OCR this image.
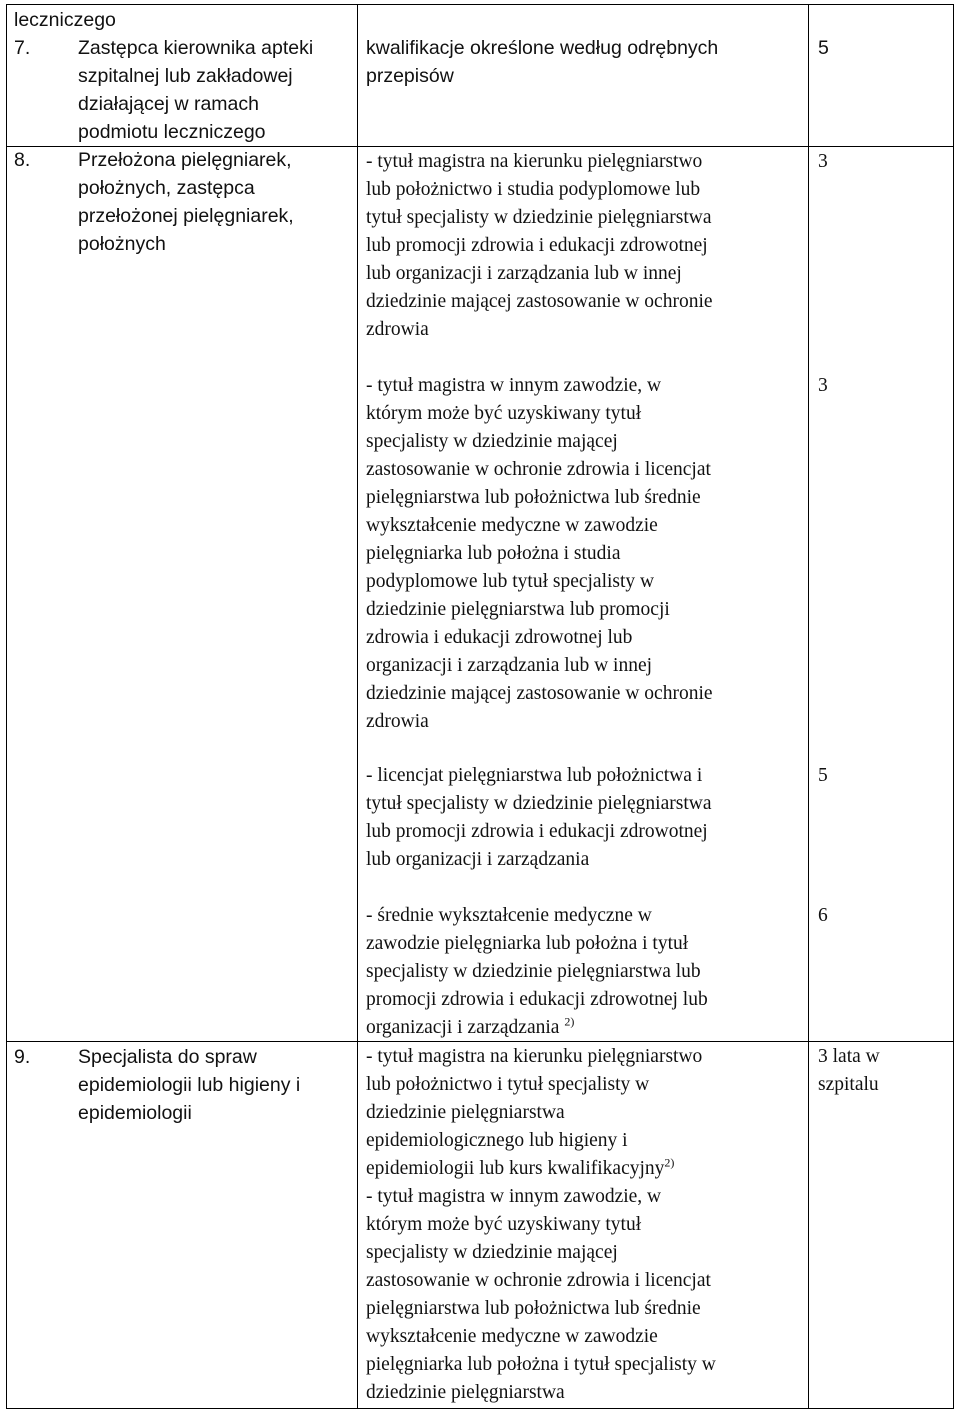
leczniczego
7. Zastępca kierownika apteki
szpitalnej lub zakładowej
działającej w ramach
podmiotu leczniczego
kwalifikacje określone według odrębnych
przepisów
5
8. Przełożona pielęgniarek,
położnych, zastępca
przełożonej pielęgniarek,
położnych
- tytuł magistra na kierunku pielęgniarstwo
lub położnictwo i studia podyplomowe lub
tytuł specjalisty w dziedzinie pielęgniarstwa
lub promocji zdrowia i edukacji zdrowotnej
lub organizacji i zarządzania lub w innej
dziedzinie mającej zastosowanie w ochronie
zdrowia
3
- tytuł magistra w innym zawodzie, w
którym może być uzyskiwany tytuł
specjalisty w dziedzinie mającej
zastosowanie w ochronie zdrowia i licencjat
pielęgniarstwa lub położnictwa lub średnie
wykształcenie medyczne w zawodzie
pielęgniarka lub położna i studia
podyplomowe lub tytuł specjalisty w
dziedzinie pielęgniarstwa lub promocji
zdrowia i edukacji zdrowotnej lub
organizacji i zarządzania lub w innej
dziedzinie mającej zastosowanie w ochronie
zdrowia
3
- licencjat pielęgniarstwa lub położnictwa i
tytuł specjalisty w dziedzinie pielęgniarstwa
lub promocji zdrowia i edukacji zdrowotnej
lub organizacji i zarządzania
5
- średnie wykształcenie medyczne w
zawodzie pielęgniarka lub położna i tytuł
specjalisty w dziedzinie pielęgniarstwa lub
promocji zdrowia i edukacji zdrowotnej lub
organizacji i zarządzania $^{2)}$
6
9. Specjalista do spraw
epidemiologii lub higieny i
epidemiologii
- tytuł magistra na kierunku pielęgniarstwo
lub położnictwo i tytuł specjalisty w
dziedzinie pielęgniarstwa
epidemiologicznego lub higieny i
epidemiologii lub kurs kwalifikacyjny$^{2)}$
- tytuł magistra w innym zawodzie, w
którym może być uzyskiwany tytuł
specjalisty w dziedzinie mającej
zastosowanie w ochronie zdrowia i licencjat
pielęgniarstwa lub położnictwa lub średnie
wykształcenie medyczne w zawodzie
pielęgniarka lub położna i tytuł specjalisty w
dziedzinie pielęgniarstwa
3 lata w
szpitalu
